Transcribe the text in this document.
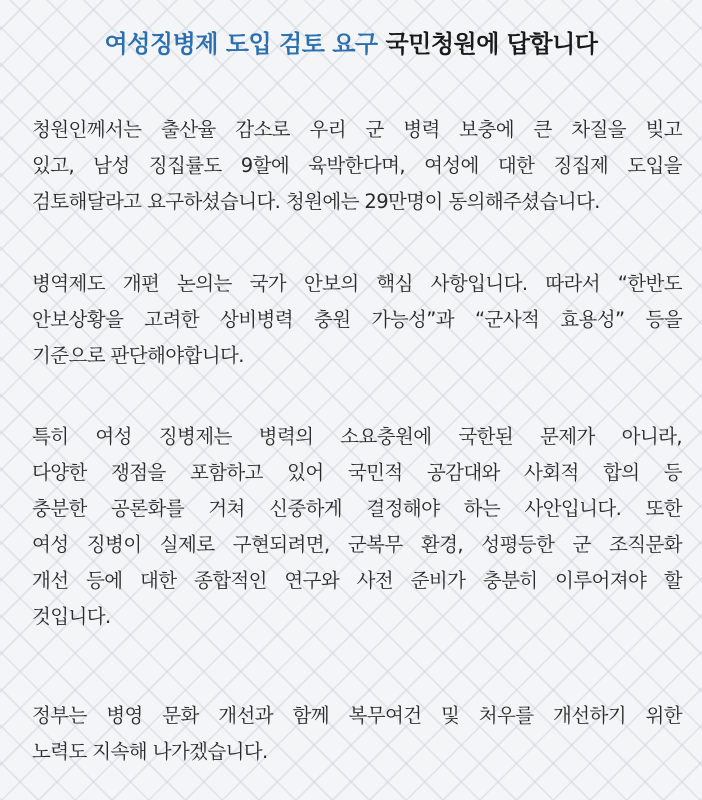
여성징병제 도입 검토 요구 국민청원에 답합니다
청원인께서는 출산율 감소로 우리 군 병력 보충에 큰 차질을 빚고
있고, 남성 징집률도 9할에 육박한다며, 여성에 대한 징집제 도입을
검토해달라고 요구하셨습니다. 청원에는 29만명이 동의해주셨습니다.
병역제도 개편 논의는 국가 안보의 핵심 사항입니다. 따라서 “한반도
안보상황을 고려한 상비병력 충원 가능성”과 “군사적 효용성” 등을
기준으로 판단해야합니다.
특히 여성 징병제는 병력의 소요충원에 국한된 문제가 아니라,
다양한 쟁점을 포함하고 있어 국민적 공감대와 사회적 합의 등
충분한 공론화를 거쳐 신중하게 결정해야 하는 사안입니다. 또한
여성 징병이 실제로 구현되려면, 군복무 환경, 성평등한 군 조직문화
개선 등에 대한 종합적인 연구와 사전 준비가 충분히 이루어져야 할
것입니다.
정부는 병영 문화 개선과 함께 복무여건 및 처우를 개선하기 위한
노력도 지속해 나가겠습니다.
